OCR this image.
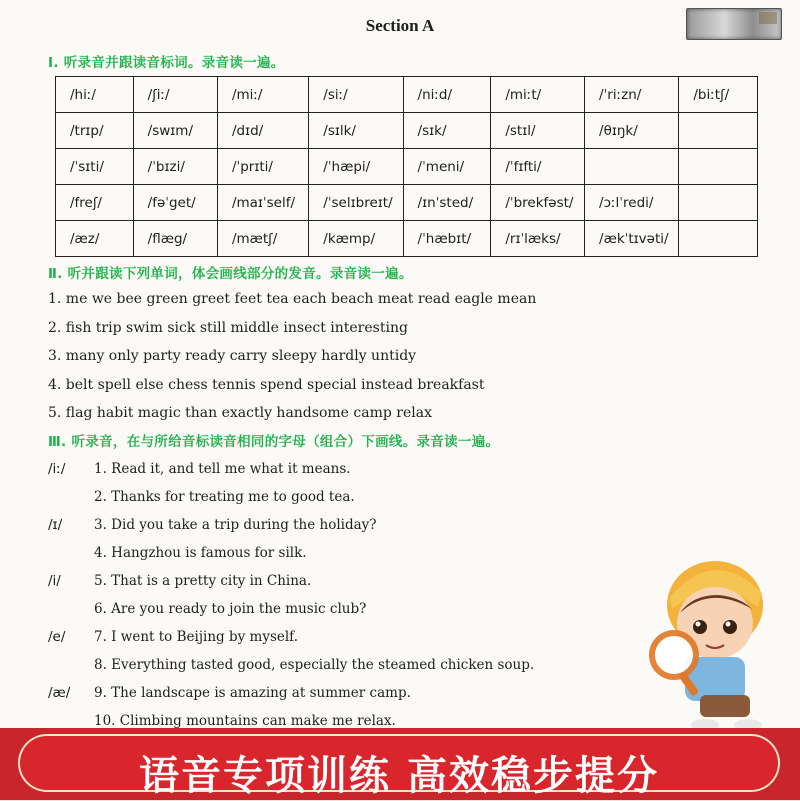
Section A
Ⅰ. 听录音并跟读音标词。录音读一遍。
/hiː/	/ʃiː/	/miː/	/siː/	/niːd/	/miːt/	/ˈriːzn/	/biːtʃ/
/trɪp/	/swɪm/	/dɪd/	/sɪlk/	/sɪk/	/stɪl/	/θɪŋk/	
/ˈsɪti/	/ˈbɪzi/	/ˈprɪti/	/ˈhæpi/	/ˈmeni/	/ˈfɪfti/		
/freʃ/	/fəˈget/	/maɪˈself/	/ˈselɪbreɪt/	/ɪnˈsted/	/ˈbrekfəst/	/ɔːlˈredi/	
/æz/	/flæg/	/mætʃ/	/kæmp/	/ˈhæbɪt/	/rɪˈlæks/	/ækˈtɪvəti/	
Ⅱ. 听并跟读下列单词，体会画线部分的发音。录音读一遍。
1. me we bee green greet feet tea each beach meat read eagle mean
2. fish trip swim sick still middle insect interesting
3. many only party ready carry sleepy hardly untidy
4. belt spell else chess tennis spend special instead breakfast
5. flag habit magic than exactly handsome camp relax
Ⅲ. 听录音，在与所给音标读音相同的字母（组合）下画线。录音读一遍。
/iː/ 1. Read it, and tell me what it means.
2. Thanks for treating me to good tea.
/ɪ/ 3. Did you take a trip during the holiday?
4. Hangzhou is famous for silk.
/i/ 5. That is a pretty city in China.
6. Are you ready to join the music club?
/e/ 7. I went to Beijing by myself.
8. Everything tasted good, especially the steamed chicken soup.
/æ/ 9. The landscape is amazing at summer camp.
10. Climbing mountains can make me relax.
语音专项训练 高效稳步提分
